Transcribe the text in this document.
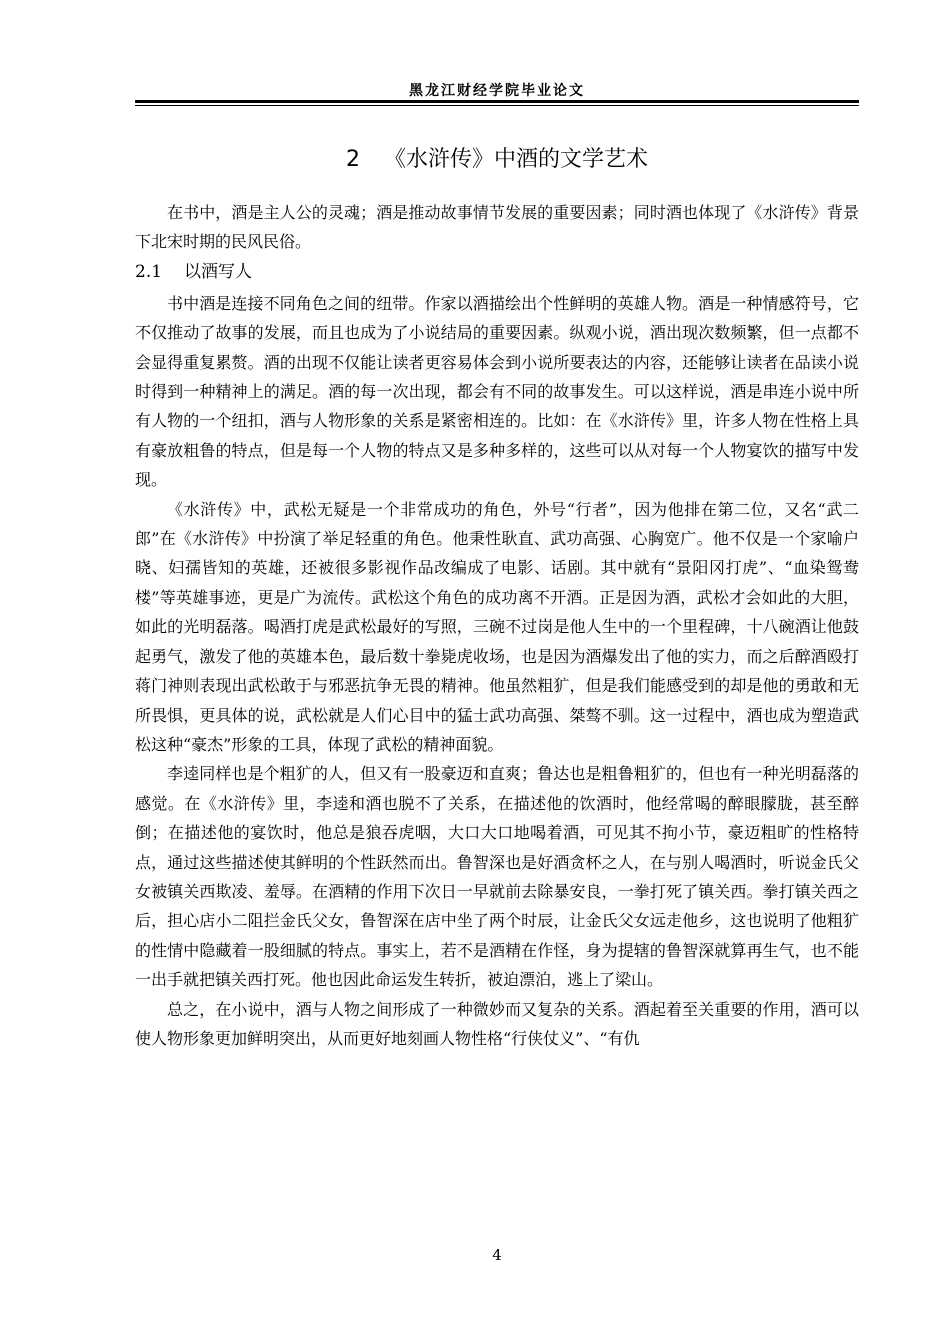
黑龙江财经学院毕业论文
2 《水浒传》中酒的文学艺术

在书中，酒是主人公的灵魂；酒是推动故事情节发展的重要因素；同时酒也体现了《水浒传》背景下北宋时期的民风民俗。

2.1 以酒写人

书中酒是连接不同角色之间的纽带。作家以酒描绘出个性鲜明的英雄人物。酒是一种情感符号，它不仅推动了故事的发展，而且也成为了小说结局的重要因素。纵观小说，酒出现次数频繁，但一点都不会显得重复累赘。酒的出现不仅能让读者更容易体会到小说所要表达的内容，还能够让读者在品读小说时得到一种精神上的满足。酒的每一次出现，都会有不同的故事发生。可以这样说，酒是串连小说中所有人物的一个纽扣，酒与人物形象的关系是紧密相连的。比如：在《水浒传》里，许多人物在性格上具有豪放粗鲁的特点，但是每一个人物的特点又是多种多样的，这些可以从对每一个人物宴饮的描写中发现。

《水浒传》中，武松无疑是一个非常成功的角色，外号“行者”，因为他排在第二位，又名“武二郎”在《水浒传》中扮演了举足轻重的角色。他秉性耿直、武功高强、心胸宽广。他不仅是一个家喻户晓、妇孺皆知的英雄，还被很多影视作品改编成了电影、话剧。其中就有“景阳冈打虎”、“血染鸳鸯楼”等英雄事迹，更是广为流传。武松这个角色的成功离不开酒。正是因为酒，武松才会如此的大胆，如此的光明磊落。喝酒打虎是武松最好的写照，三碗不过岗是他人生中的一个里程碑，十八碗酒让他鼓起勇气，激发了他的英雄本色，最后数十拳毙虎收场，也是因为酒爆发出了他的实力，而之后醉酒殴打蒋门神则表现出武松敢于与邪恶抗争无畏的精神。他虽然粗犷，但是我们能感受到的却是他的勇敢和无所畏惧，更具体的说，武松就是人们心目中的猛士武功高强、桀骜不驯。这一过程中，酒也成为塑造武松这种“豪杰”形象的工具，体现了武松的精神面貌。

李逵同样也是个粗犷的人，但又有一股豪迈和直爽；鲁达也是粗鲁粗犷的，但也有一种光明磊落的感觉。在《水浒传》里，李逵和酒也脱不了关系，在描述他的饮酒时，他经常喝的醉眼朦胧，甚至醉倒；在描述他的宴饮时，他总是狼吞虎咽，大口大口地喝着酒，可见其不拘小节，豪迈粗旷的性格特点，通过这些描述使其鲜明的个性跃然而出。鲁智深也是好酒贪杯之人，在与别人喝酒时，听说金氏父女被镇关西欺凌、羞辱。在酒精的作用下次日一早就前去除暴安良，一拳打死了镇关西。拳打镇关西之后，担心店小二阻拦金氏父女，鲁智深在店中坐了两个时辰，让金氏父女远走他乡，这也说明了他粗犷的性情中隐藏着一股细腻的特点。事实上，若不是酒精在作怪，身为提辖的鲁智深就算再生气，也不能一出手就把镇关西打死。他也因此命运发生转折，被迫漂泊，逃上了梁山。

总之，在小说中，酒与人物之间形成了一种微妙而又复杂的关系。酒起着至关重要的作用，酒可以使人物形象更加鲜明突出，从而更好地刻画人物性格“行侠仗义”、“有仇

4
